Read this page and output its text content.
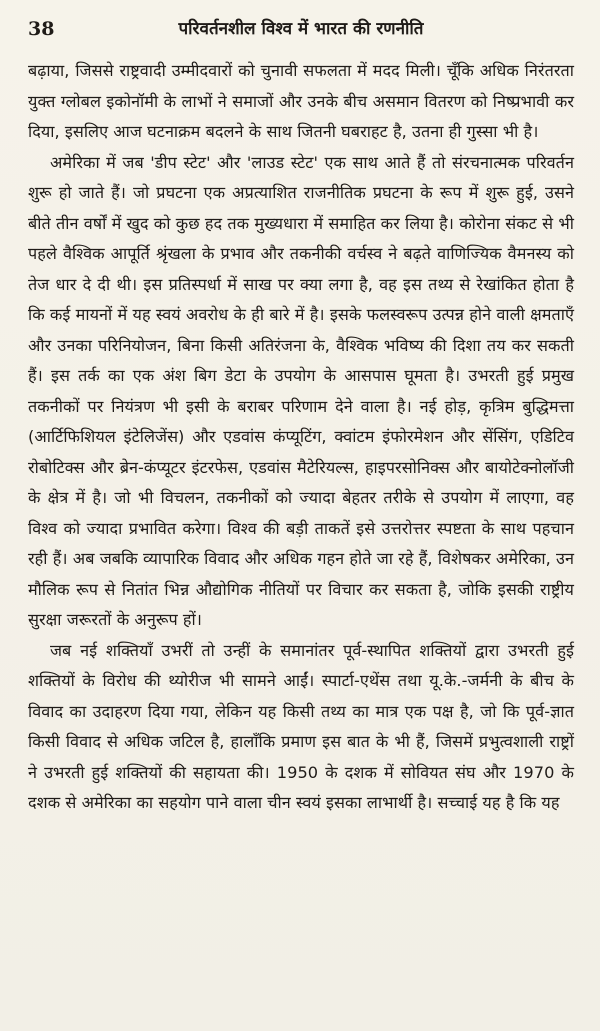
38	परिवर्तनशील विश्व में भारत की रणनीति

बढ़ाया, जिससे राष्ट्रवादी उम्मीदवारों को चुनावी सफलता में मदद मिली। चूँकि अधिक निरंतरता युक्त ग्लोबल इकोनॉमी के लाभों ने समाजों और उनके बीच असमान वितरण को निष्प्रभावी कर दिया, इसलिए आज घटनाक्रम बदलने के साथ जितनी घबराहट है, उतना ही गुस्सा भी है।

अमेरिका में जब 'डीप स्टेट' और 'लाउड स्टेट' एक साथ आते हैं तो संरचनात्मक परिवर्तन शुरू हो जाते हैं। जो प्रघटना एक अप्रत्याशित राजनीतिक प्रघटना के रूप में शुरू हुई, उसने बीते तीन वर्षों में खुद को कुछ हद तक मुख्यधारा में समाहित कर लिया है। कोरोना संकट से भी पहले वैश्विक आपूर्ति श्रृंखला के प्रभाव और तकनीकी वर्चस्व ने बढ़ते वाणिज्यिक वैमनस्य को तेज धार दे दी थी। इस प्रतिस्पर्धा में साख पर क्या लगा है, वह इस तथ्य से रेखांकित होता है कि कई मायनों में यह स्वयं अवरोध के ही बारे में है। इसके फलस्वरूप उत्पन्न होने वाली क्षमताएँ और उनका परिनियोजन, बिना किसी अतिरंजना के, वैश्विक भविष्य की दिशा तय कर सकती हैं। इस तर्क का एक अंश बिग डेटा के उपयोग के आसपास घूमता है। उभरती हुई प्रमुख तकनीकों पर नियंत्रण भी इसी के बराबर परिणाम देने वाला है। नई होड़, कृत्रिम बुद्धिमत्ता (आर्टिफिशियल इंटेलिजेंस) और एडवांस कंप्यूटिंग, क्वांटम इंफोरमेशन और सेंसिंग, एडिटिव रोबोटिक्स और ब्रेन-कंप्यूटर इंटरफेस, एडवांस मैटेरियल्स, हाइपरसोनिक्स और बायोटेक्नोलॉजी के क्षेत्र में है। जो भी विचलन, तकनीकों को ज्यादा बेहतर तरीके से उपयोग में लाएगा, वह विश्व को ज्यादा प्रभावित करेगा। विश्व की बड़ी ताकतें इसे उत्तरोत्तर स्पष्टता के साथ पहचान रही हैं। अब जबकि व्यापारिक विवाद और अधिक गहन होते जा रहे हैं, विशेषकर अमेरिका, उन मौलिक रूप से नितांत भिन्न औद्योगिक नीतियों पर विचार कर सकता है, जोकि इसकी राष्ट्रीय सुरक्षा जरूरतों के अनुरूप हों।

जब नई शक्तियाँ उभरीं तो उन्हीं के समानांतर पूर्व-स्थापित शक्तियों द्वारा उभरती हुई शक्तियों के विरोध की थ्योरीज भी सामने आईं। स्पार्टा-एथेंस तथा यू.के.-जर्मनी के बीच के विवाद का उदाहरण दिया गया, लेकिन यह किसी तथ्य का मात्र एक पक्ष है, जो कि पूर्व-ज्ञात किसी विवाद से अधिक जटिल है, हालाँकि प्रमाण इस बात के भी हैं, जिसमें प्रभुत्वशाली राष्ट्रों ने उभरती हुई शक्तियों की सहायता की। 1950 के दशक में सोवियत संघ और 1970 के दशक से अमेरिका का सहयोग पाने वाला चीन स्वयं इसका लाभार्थी है। सच्चाई यह है कि यह
